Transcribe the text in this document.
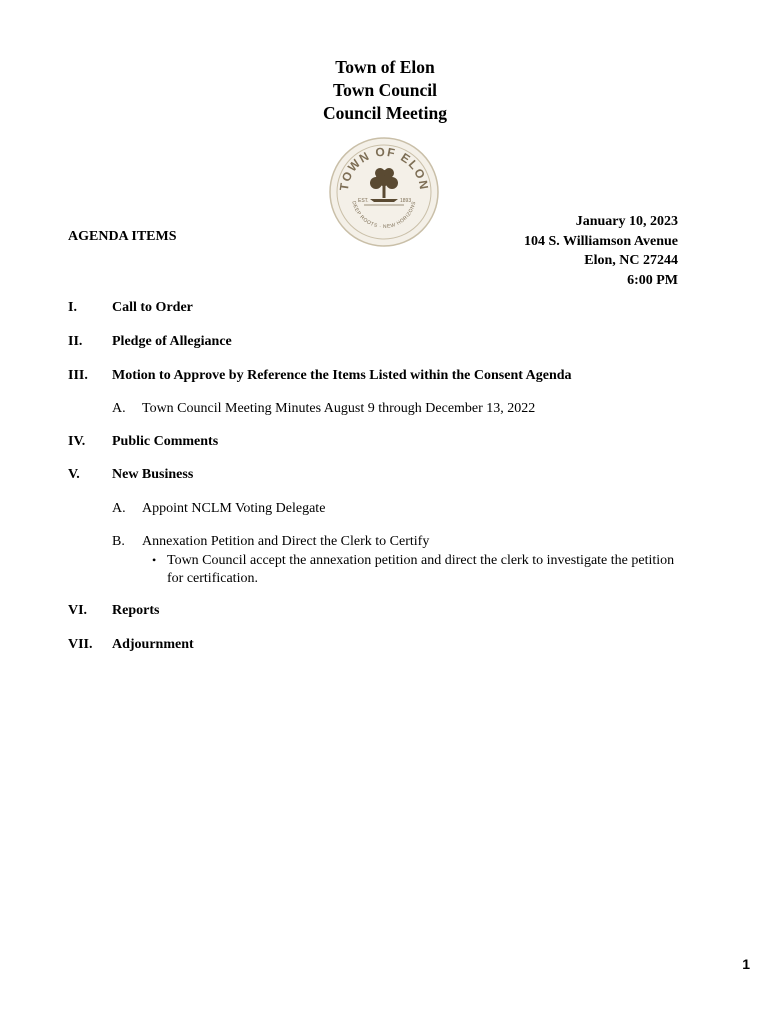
Town of Elon
Town Council
Council Meeting
TOWN OF ELON
DEEP ROOTS · NEW HORIZONS
EST.	1893
AGENDA ITEMS
January 10, 2023
104 S. Williamson Avenue
Elon, NC 27244
6:00 PM
I.	Call to Order
II. Pledge of Allegiance
III. Motion to Approve by Reference the Items Listed within the Consent Agenda
A. Town Council Meeting Minutes August 9 through December 13, 2022
IV. Public Comments
V. New Business
A. Appoint NCLM Voting Delegate
B. Annexation Petition and Direct the Clerk to Certify
• Town Council accept the annexation petition and direct the clerk to investigate the petition for certification.
VI. Reports
VII. Adjournment
1
